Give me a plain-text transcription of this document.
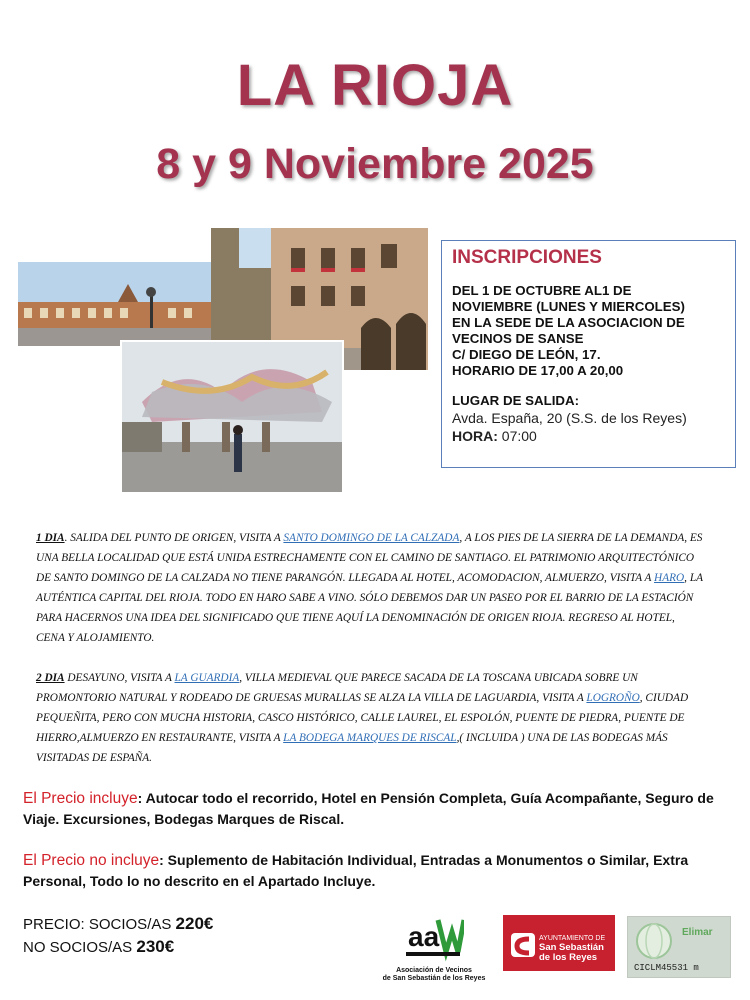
LA RIOJA
8 y 9 Noviembre 2025
INSCRIPCIONES
DEL 1 DE OCTUBRE AL1 DE
NOVIEMBRE (LUNES Y MIERCOLES)
EN LA SEDE DE LA ASOCIACION DE
VECINOS DE SANSE
C/ DIEGO DE LEÓN, 17.
HORARIO DE 17,00 A 20,00
LUGAR DE SALIDA:
Avda. España, 20 (S.S. de los Reyes)
HORA: 07:00

1 DIA. SALIDA DEL PUNTO DE ORIGEN, VISITA A SANTO DOMINGO DE LA CALZADA, A LOS PIES DE LA SIERRA DE LA DEMANDA, ES UNA BELLA LOCALIDAD QUE ESTÁ UNIDA ESTRECHAMENTE CON EL CAMINO DE SANTIAGO. EL PATRIMONIO ARQUITECTÓNICO DE SANTO DOMINGO DE LA CALZADA NO TIENE PARANGÓN. LLEGADA AL HOTEL, ACOMODACION, ALMUERZO, VISITA A HARO, LA AUTÉNTICA CAPITAL DEL RIOJA. TODO EN HARO SABE A VINO. SÓLO DEBEMOS DAR UN PASEO POR EL BARRIO DE LA ESTACIÓN PARA HACERNOS UNA IDEA DEL SIGNIFICADO QUE TIENE AQUÍ LA DENOMINACIÓN DE ORIGEN RIOJA. REGRESO AL HOTEL, CENA Y ALOJAMIENTO.

2 DIA DESAYUNO, VISITA A LA GUARDIA, VILLA MEDIEVAL QUE PARECE SACADA DE LA TOSCANA UBICADA SOBRE UN PROMONTORIO NATURAL Y RODEADO DE GRUESAS MURALLAS SE ALZA LA VILLA DE LAGUARDIA, VISITA A LOGROÑO, CIUDAD PEQUEÑITA, PERO CON MUCHA HISTORIA, CASCO HISTÓRICO, CALLE LAUREL, EL ESPOLÓN, PUENTE DE PIEDRA, PUENTE DE HIERRO,ALMUERZO EN RESTAURANTE, VISITA A LA BODEGA MARQUES DE RISCAL,( INCLUIDA ) UNA DE LAS BODEGAS MÁS VISITADAS DE ESPAÑA.

El Precio incluye: Autocar todo el recorrido, Hotel en Pensión Completa, Guía Acompañante, Seguro de Viaje. Excursiones, Bodegas Marques de Riscal.

El Precio no incluye: Suplemento de Habitación Individual, Entradas a Monumentos o Similar, Extra Personal, Todo lo no descrito en el Apartado Incluye.

PRECIO: SOCIOS/AS 220€
NO SOCIOS/AS 230€	aa
Asociación de Vecinos
de San Sebastián de los Reyes
AYUNTAMIENTO DE
San Sebastián
de los Reyes
Elimar
CICLM45531 m
